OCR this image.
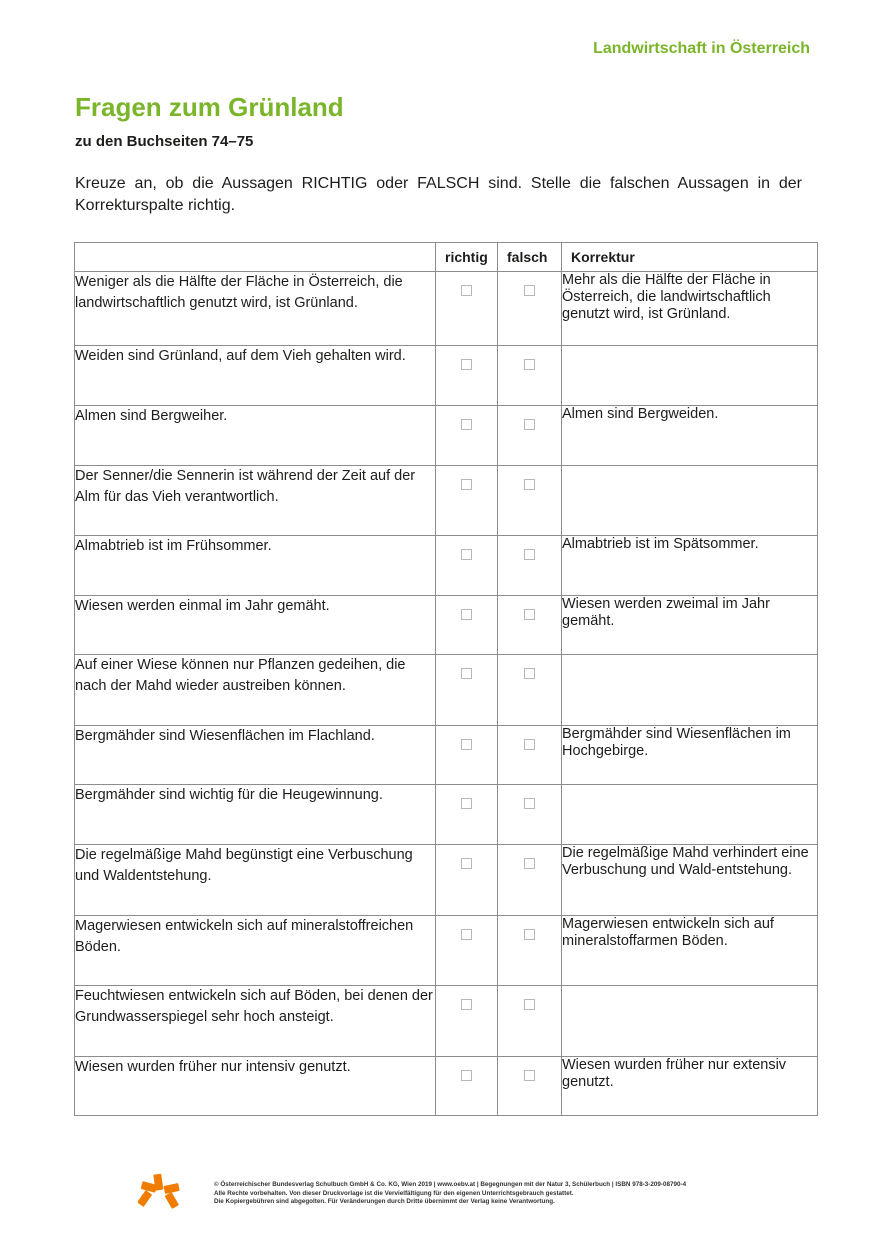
Landwirtschaft in Österreich
Fragen zum Grünland
zu den Buchseiten 74–75
Kreuze an, ob die Aussagen RICHTIG oder FALSCH sind. Stelle die falschen Aussagen in der Korrekturspalte richtig.
	richtig	falsch	Korrektur
Weniger als die Hälfte der Fläche in Österreich, die landwirtschaftlich genutzt wird, ist Grünland.			Mehr als die Hälfte der Fläche in Österreich, die landwirtschaftlich genutzt wird, ist Grünland.
Weiden sind Grünland, auf dem Vieh gehalten wird.			
Almen sind Bergweiher.			Almen sind Bergweiden.
Der Senner/die Sennerin ist während der Zeit auf der Alm für das Vieh verantwortlich.			
Almabtrieb ist im Frühsommer.			Almabtrieb ist im Spätsommer.
Wiesen werden einmal im Jahr gemäht.			Wiesen werden zweimal im Jahr gemäht.
Auf einer Wiese können nur Pflanzen gedeihen, die nach der Mahd wieder austreiben können.			
Bergmähder sind Wiesenflächen im Flachland.			Bergmähder sind Wiesenflächen im Hochgebirge.
Bergmähder sind wichtig für die Heugewinnung.			
Die regelmäßige Mahd begünstigt eine Verbuschung und Waldentstehung.			Die regelmäßige Mahd verhindert eine Verbuschung und Wald-entstehung.
Magerwiesen entwickeln sich auf mineralstoffreichen Böden.			Magerwiesen entwickeln sich auf mineralstoffarmen Böden.
Feuchtwiesen entwickeln sich auf Böden, bei denen der Grundwasserspiegel sehr hoch ansteigt.			
Wiesen wurden früher nur intensiv genutzt.			Wiesen wurden früher nur extensiv genutzt.
© Österreichischer Bundesverlag Schulbuch GmbH & Co. KG, Wien 2019 | www.oebv.at | Begegnungen mit der Natur 3, Schülerbuch | ISBN 978-3-209-08790-4
Alle Rechte vorbehalten. Von dieser Druckvorlage ist die Vervielfältigung für den eigenen Unterrichtsgebrauch gestattet.
Die Kopiergebühren sind abgegolten. Für Veränderungen durch Dritte übernimmt der Verlag keine Verantwortung.
